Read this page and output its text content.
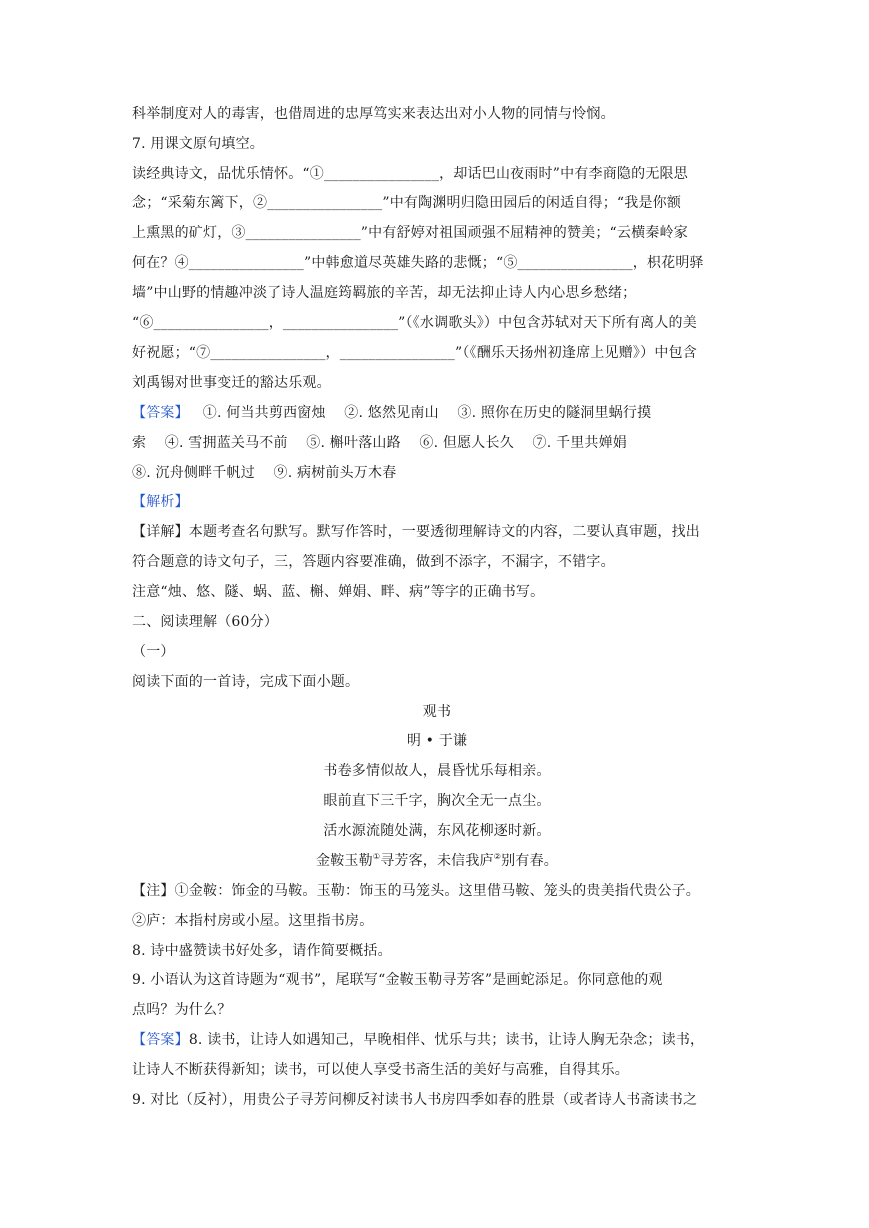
科举制度对人的毒害，也借周进的忠厚笃实来表达出对小人物的同情与怜悯。
7. 用课文原句填空。
读经典诗文，品忧乐情怀。“①________________，却话巴山夜雨时”中有李商隐的无限思
念；“采菊东篱下，②________________”中有陶渊明归隐田园后的闲适自得；“我是你额
上熏黑的矿灯，③________________”中有舒婷对祖国顽强不屈精神的赞美；“云横秦岭家
何在？④________________”中韩愈道尽英雄失路的悲慨；“⑤________________，枳花明驿
墙”中山野的情趣冲淡了诗人温庭筠羁旅的辛苦，却无法抑止诗人内心思乡愁绪；
“⑥________________，________________”（《水调歌头》）中包含苏轼对天下所有离人的美
好祝愿；“⑦________________，________________”（《酬乐天扬州初逢席上见赠》）中包含
刘禹锡对世事变迁的豁达乐观。
【答案】   ①. 何当共剪西窗烛    ②. 悠然见南山    ③. 照你在历史的隧洞里蜗行摸
索    ④. 雪拥蓝关马不前    ⑤. 槲叶落山路    ⑥. 但愿人长久    ⑦. 千里共婵娟
⑧. 沉舟侧畔千帆过    ⑨. 病树前头万木春
【解析】
【详解】本题考查名句默写。默写作答时，一要透彻理解诗文的内容，二要认真审题，找出
符合题意的诗文句子，三，答题内容要准确，做到不添字，不漏字，不错字。
注意“烛、悠、隧、蜗、蓝、槲、婵娟、畔、病”等字的正确书写。
二、阅读理解（60分）
（一）
阅读下面的一首诗，完成下面小题。
观书
明 • 于谦
书卷多情似故人，晨昏忧乐每相亲。
眼前直下三千字，胸次全无一点尘。
活水源流随处满，东风花柳逐时新。
金鞍玉勒①寻芳客，未信我庐②别有春。
【注】①金鞍：饰金的马鞍。玉勒：饰玉的马笼头。这里借马鞍、笼头的贵美指代贵公子。
②庐：本指村房或小屋。这里指书房。
8. 诗中盛赞读书好处多，请作简要概括。
9. 小语认为这首诗题为“观书”，尾联写“金鞍玉勒寻芳客”是画蛇添足。你同意他的观
点吗？为什么？
【答案】8. 读书，让诗人如遇知己，早晚相伴、忧乐与共；读书，让诗人胸无杂念；读书，
让诗人不断获得新知；读书，可以使人享受书斋生活的美好与高雅，自得其乐。
9. 对比（反衬），用贵公子寻芳问柳反衬读书人书房四季如春的胜景（或者诗人书斋读书之
